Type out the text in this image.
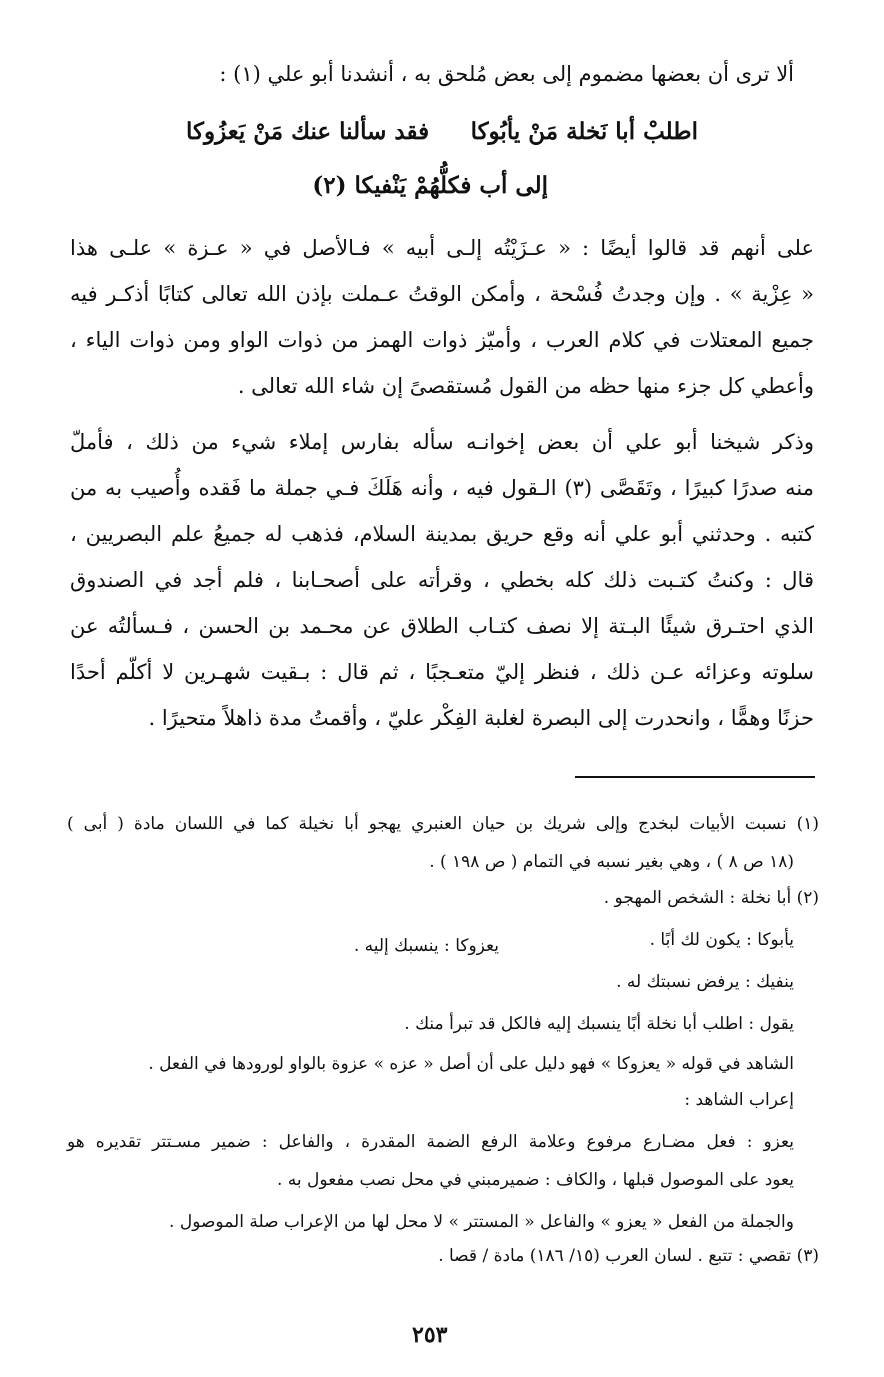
ألا ترى أن بعضها مضموم إلى بعض مُلحق به ، أنشدنا أبو علي (١) :
اطلبْ أبا نَخلة مَنْ يأبُوكا
فقد سألنا عنك مَنْ يَعزُوكا
إلى أب فكلُّهُمْ يَنْفيكا (٢)
على أنهم قد قالوا أيضًا : « عـزَيْتُه إلـى أبيه » فـالأصل في « عـزة » علـى هذا
« عِزْية » . وإن وجدتُ فُسْحة ، وأمكن الوقتُ عـملت بإذن الله تعالى كتابًا أذكـر فيه
جميع المعتلات في كلام العرب ، وأميّز ذوات الهمز من ذوات الواو ومن ذوات الياء ،
وأعطي كل جزء منها حظه من القول مُستقصىً إن شاء الله تعالى .
وذكر شيخنا أبو علي أن بعض إخوانـه سأله بفارس إملاء شيء من ذلك ، فأملّ
منه صدرًا كبيرًا ، وتَقَصَّى (٣) الـقول فيه ، وأنه هَلَكَ فـي جملة ما فَقده وأُصيب به من
كتبه . وحدثني أبو علي أنه وقع حريق بمدينة السلام، فذهب له جميعُ علم البصريين ،
قال : وكنتُ كتـبت ذلك كله بخطي ، وقرأته على أصحـابنا ، فلم أجد في الصندوق
الذي احتـرق شيئًا البـتة إلا نصف كتـاب الطلاق عن محـمد بن الحسن ، فـسألتُه عن
سلوته وعزائه عـن ذلك ، فنظر إليّ متعـجبًا ، ثم قال : بـقيت شهـرين لا أكلّم أحدًا
حزنًا وهمًّا ، وانحدرت إلى البصرة لغلبة الفِكْر عليّ ، وأقمتُ مدة ذاهلاً متحيرًا .
(١) نسبت الأبيات لبخدج وإلى شريك بن حيان العنبري يهجو أبا نخيلة كما في اللسان مادة ( أبى )
(١٨ ص ٨ ) ، وهي بغير نسبه في التمام ( ص ١٩٨ ) .
(٢) أبا نخلة : الشخص المهجو .
يأبوكا : يكون لك أبًا .
يعزوكا : ينسبك إليه .
ينفيك : يرفض نسبتك له .
يقول : اطلب أبا نخلة أبًا ينسبك إليه فالكل قد تبرأ منك .
الشاهد في قوله « يعزوكا » فهو دليل على أن أصل « عزه » عزوة بالواو لورودها في الفعل .
إعراب الشاهد :
يعزو : فعل مضـارع مرفوع وعلامة الرفع الضمة المقدرة ، والفاعل : ضمير مسـتتر تقديره هو
يعود على الموصول قبلها ، والكاف : ضميرمبني في محل نصب مفعول به .
والجملة من الفعل « يعزو » والفاعل « المستتر » لا محل لها من الإعراب صلة الموصول .
(٣) تقصي : تتبع . لسان العرب (١٥/ ١٨٦) مادة / قصا .
٢٥٣
